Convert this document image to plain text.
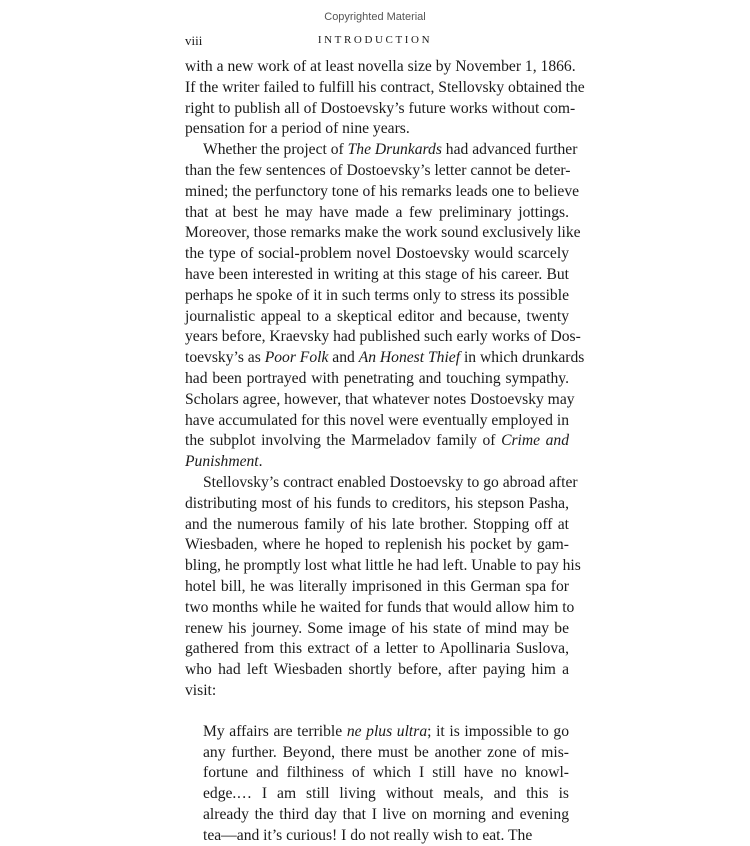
Copyrighted Material
viii	INTRODUCTION
with a new work of at least novella size by November 1, 1866.
If the writer failed to fulfill his contract, Stellovsky obtained the
right to publish all of Dostoevsky’s future works without com-
pensation for a period of nine years.
Whether the project of The Drunkards had advanced further
than the few sentences of Dostoevsky’s letter cannot be deter-
mined; the perfunctory tone of his remarks leads one to believe
that at best he may have made a few preliminary jottings.
Moreover, those remarks make the work sound exclusively like
the type of social-problem novel Dostoevsky would scarcely
have been interested in writing at this stage of his career. But
perhaps he spoke of it in such terms only to stress its possible
journalistic appeal to a skeptical editor and because, twenty
years before, Kraevsky had published such early works of Dos-
toevsky’s as Poor Folk and An Honest Thief in which drunkards
had been portrayed with penetrating and touching sympathy.
Scholars agree, however, that whatever notes Dostoevsky may
have accumulated for this novel were eventually employed in
the subplot involving the Marmeladov family of Crime and
Punishment.
Stellovsky’s contract enabled Dostoevsky to go abroad after
distributing most of his funds to creditors, his stepson Pasha,
and the numerous family of his late brother. Stopping off at
Wiesbaden, where he hoped to replenish his pocket by gam-
bling, he promptly lost what little he had left. Unable to pay his
hotel bill, he was literally imprisoned in this German spa for
two months while he waited for funds that would allow him to
renew his journey. Some image of his state of mind may be
gathered from this extract of a letter to Apollinaria Suslova,
who had left Wiesbaden shortly before, after paying him a
visit:
My affairs are terrible ne plus ultra; it is impossible to go
any further. Beyond, there must be another zone of mis-
fortune and filthiness of which I still have no knowl-
edge.… I am still living without meals, and this is
already the third day that I live on morning and evening
tea—and it’s curious! I do not really wish to eat. The
